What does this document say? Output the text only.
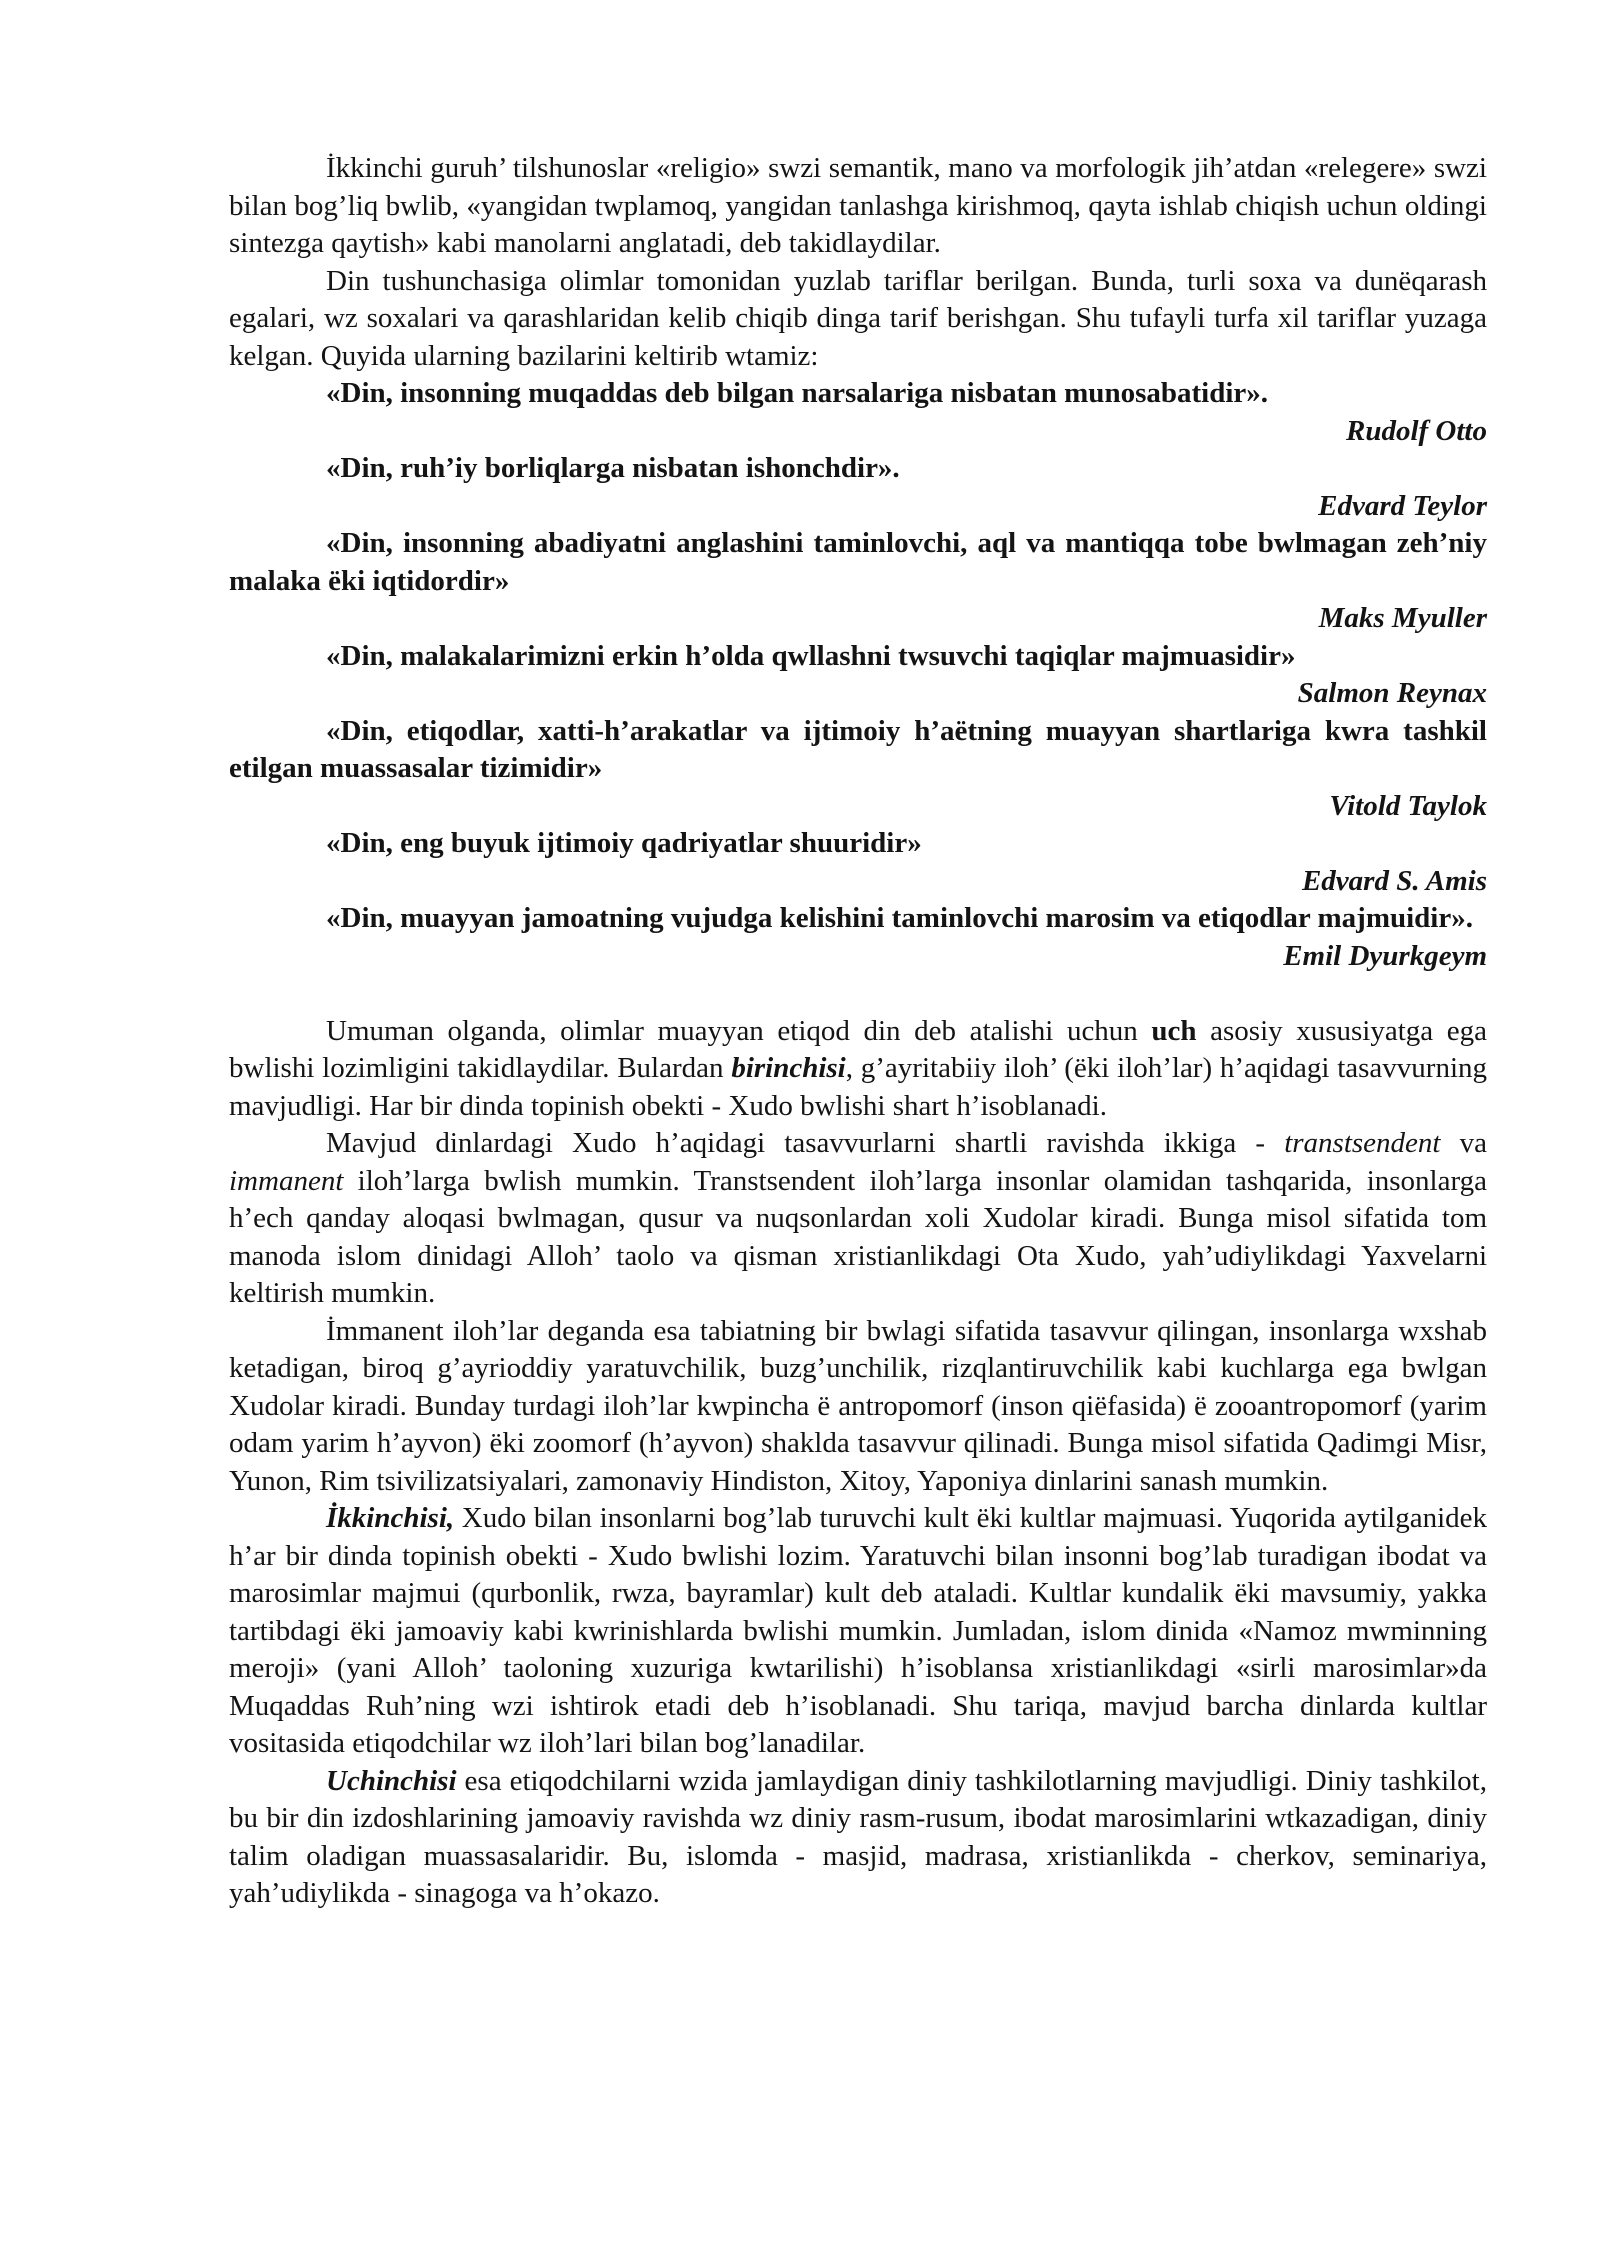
İkkinchi guruh’ tilshunoslar «religio» swzi semantik, mano va morfologik jih’atdan «relegere» swzi bilan bog’liq bwlib, «yangidan twplamoq, yangidan tanlashga kirishmoq, qayta ishlab chiqish uchun oldingi sintezga qaytish» kabi manolarni anglatadi, deb takidlaydilar.

Din tushunchasiga olimlar tomonidan yuzlab tariflar berilgan. Bunda, turli soxa va dunëqarash egalari, wz soxalari va qarashlaridan kelib chiqib dinga tarif berishgan. Shu tufayli turfa xil tariflar yuzaga kelgan. Quyida ularning bazilarini keltirib wtamiz:

«Din, insonning muqaddas deb bilgan narsalariga nisbatan munosabatidir».

Rudolf Otto

«Din, ruh’iy borliqlarga nisbatan ishonchdir».

Edvard Teylor

«Din, insonning abadiyatni anglashini taminlovchi, aql va mantiqqa tobe bwlmagan zeh’niy malaka ëki iqtidordir»

Maks Myuller

«Din, malakalarimizni erkin h’olda qwllashni twsuvchi taqiqlar majmuasidir»

Salmon Reynax

«Din, etiqodlar, xatti-h’arakatlar va ijtimoiy h’aëtning muayyan shartlariga kwra tashkil etilgan muassasalar tizimidir»

Vitold Taylok

«Din, eng buyuk ijtimoiy qadriyatlar shuuridir»

Edvard S. Amis

«Din, muayyan jamoatning vujudga kelishini taminlovchi marosim va etiqodlar majmuidir».

Emil Dyurkgeym

Umuman olganda, olimlar muayyan etiqod din deb atalishi uchun uch asosiy xususiyatga ega bwlishi lozimligini takidlaydilar. Bulardan birinchisi, g’ayritabiiy iloh’ (ëki iloh’lar) h’aqidagi tasavvurning mavjudligi. Har bir dinda topinish obekti - Xudo bwlishi shart h’isoblanadi.

Mavjud dinlardagi Xudo h’aqidagi tasavvurlarni shartli ravishda ikkiga - transtsendent va immanent iloh’larga bwlish mumkin. Transtsendent iloh’larga insonlar olamidan tashqarida, insonlarga h’ech qanday aloqasi bwlmagan, qusur va nuqsonlardan xoli Xudolar kiradi. Bunga misol sifatida tom manoda islom dinidagi Alloh’ taolo va qisman xristianlikdagi Ota Xudo, yah’udiylikdagi Yaxvelarni keltirish mumkin.

İmmanent iloh’lar deganda esa tabiatning bir bwlagi sifatida tasavvur qilingan, insonlarga wxshab ketadigan, biroq g’ayrioddiy yaratuvchilik, buzg’unchilik, rizqlantiruvchilik kabi kuchlarga ega bwlgan Xudolar kiradi. Bunday turdagi iloh’lar kwpincha ë antropomorf (inson qiëfasida) ë zooantropomorf (yarim odam yarim h’ayvon) ëki zoomorf (h’ayvon) shaklda tasavvur qilinadi. Bunga misol sifatida Qadimgi Misr, Yunon, Rim tsivilizatsiyalari, zamonaviy Hindiston, Xitoy, Yaponiya dinlarini sanash mumkin.

İkkinchisi, Xudo bilan insonlarni bog’lab turuvchi kult ëki kultlar majmuasi. Yuqorida aytilganidek h’ar bir dinda topinish obekti - Xudo bwlishi lozim. Yaratuvchi bilan insonni bog’lab turadigan ibodat va marosimlar majmui (qurbonlik, rwza, bayramlar) kult deb ataladi. Kultlar kundalik ëki mavsumiy, yakka tartibdagi ëki jamoaviy kabi kwrinishlarda bwlishi mumkin. Jumladan, islom dinida «Namoz mwminning meroji» (yani Alloh’ taoloning xuzuriga kwtarilishi) h’isoblansa xristianlikdagi «sirli marosimlar»da Muqaddas Ruh’ning wzi ishtirok etadi deb h’isoblanadi. Shu tariqa, mavjud barcha dinlarda kultlar vositasida etiqodchilar wz iloh’lari bilan bog’lanadilar.

Uchinchisi esa etiqodchilarni wzida jamlaydigan diniy tashkilotlarning mavjudligi. Diniy tashkilot, bu bir din izdoshlarining jamoaviy ravishda wz diniy rasm-rusum, ibodat marosimlarini wtkazadigan, diniy talim oladigan muassasalaridir. Bu, islomda - masjid, madrasa, xristianlikda - cherkov, seminariya, yah’udiylikda - sinagoga va h’okazo.
